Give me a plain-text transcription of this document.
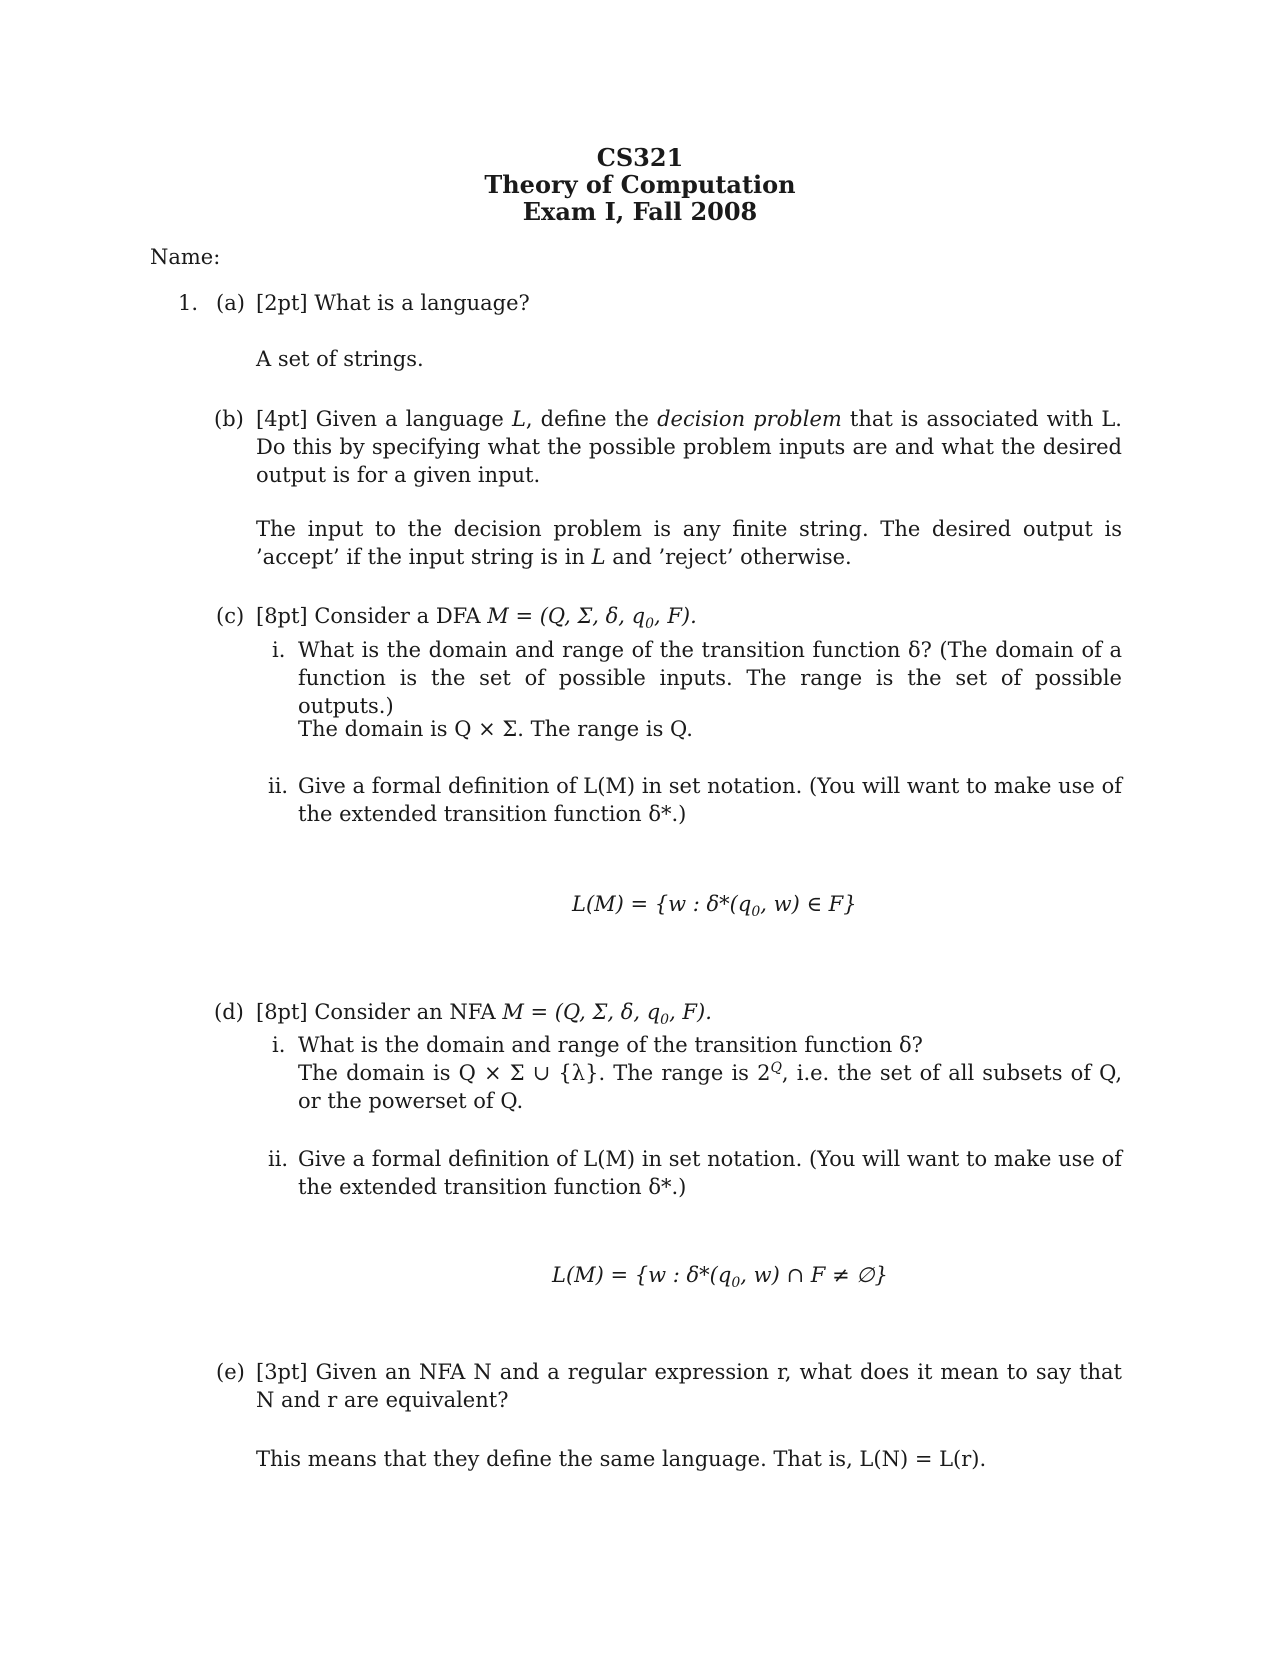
CS321
Theory of Computation
Exam I, Fall 2008
Name:
1. (a) [2pt] What is a language?
A set of strings.
(b) [4pt] Given a language L, define the decision problem that is associated with L. Do this by specifying what the possible problem inputs are and what the desired output is for a given input.
The input to the decision problem is any finite string. The desired output is ’accept’ if the input string is in L and ’reject’ otherwise.
(c) [8pt] Consider a DFA M = (Q, Σ, δ, $q_0$, F).
i. What is the domain and range of the transition function δ? (The domain of a function is the set of possible inputs. The range is the set of possible outputs.)
The domain is Q × Σ. The range is Q.
ii. Give a formal definition of L(M) in set notation. (You will want to make use of the extended transition function δ*.)
L(M) = {w : $\delta*(q_0$, w) ∈ F}
(d) [8pt] Consider an NFA M = (Q, Σ, δ, $q_0$, F).
i. What is the domain and range of the transition function δ?
The domain is Q × Σ ∪ {λ}. The range is $2^Q$, i.e. the set of all subsets of Q, or the powerset of Q.
ii. Give a formal definition of L(M) in set notation. (You will want to make use of the extended transition function δ*.)
L(M) = {w : $\delta*(q_0$, w) ∩ F ≠ ∅}
(e) [3pt] Given an NFA N and a regular expression r, what does it mean to say that N and r are equivalent?
This means that they define the same language. That is, L(N) = L(r).
